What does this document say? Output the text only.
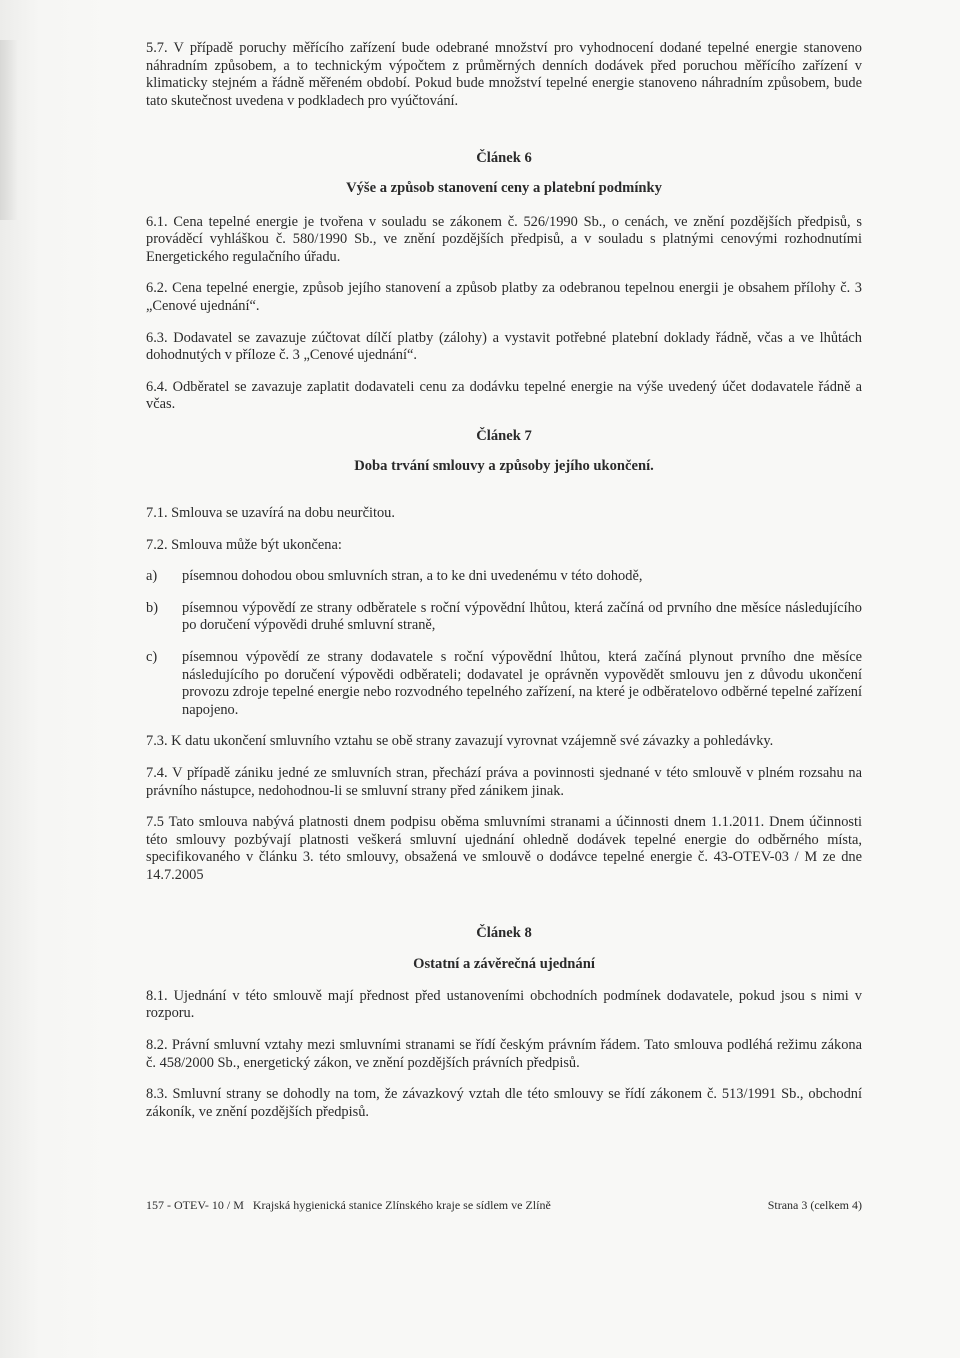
5.7. V případě poruchy měřícího zařízení bude odebrané množství pro vyhodnocení dodané tepelné energie stanoveno náhradním způsobem, a to technickým výpočtem z průměrných denních dodávek před poruchou měřícího zařízení v klimaticky stejném a řádně měřeném období. Pokud bude množství tepelné energie stanoveno náhradním způsobem, bude tato skutečnost uvedena v podkladech pro vyúčtování.

Článek 6
Výše a způsob stanovení ceny a platební podmínky

6.1. Cena tepelné energie je tvořena v souladu se zákonem č. 526/1990 Sb., o cenách, ve znění pozdějších předpisů, s prováděcí vyhláškou č. 580/1990 Sb., ve znění pozdějších předpisů, a v souladu s platnými cenovými rozhodnutími Energetického regulačního úřadu.

6.2. Cena tepelné energie, způsob jejího stanovení a způsob platby za odebranou tepelnou energii je obsahem přílohy č. 3 „Cenové ujednání“.

6.3. Dodavatel se zavazuje zúčtovat dílčí platby (zálohy) a vystavit potřebné platební doklady řádně, včas a ve lhůtách dohodnutých v příloze č. 3 „Cenové ujednání“.

6.4. Odběratel se zavazuje zaplatit dodavateli cenu za dodávku tepelné energie na výše uvedený účet dodavatele řádně a včas.

Článek 7
Doba trvání smlouvy a způsoby jejího ukončení.

7.1. Smlouva se uzavírá na dobu neurčitou.

7.2. Smlouva může být ukončena:

a)	písemnou dohodou obou smluvních stran, a to ke dni uvedenému v této dohodě,
b)	písemnou výpovědí ze strany odběratele s roční výpovědní lhůtou, která začíná od prvního dne měsíce následujícího po doručení výpovědi druhé smluvní straně,
c)	písemnou výpovědí ze strany dodavatele s roční výpovědní lhůtou, která začíná plynout prvního dne měsíce následujícího po doručení výpovědi odběrateli; dodavatel je oprávněn vypovědět smlouvu jen z důvodu ukončení provozu zdroje tepelné energie nebo rozvodného tepelného zařízení, na které je odběratelovo odběrné tepelné zařízení napojeno.

7.3. K datu ukončení smluvního vztahu se obě strany zavazují vyrovnat vzájemně své závazky a pohledávky.

7.4. V případě zániku jedné ze smluvních stran, přechází práva a povinnosti sjednané v této smlouvě v plném rozsahu na právního nástupce, nedohodnou-li se smluvní strany před zánikem jinak.

7.5 Tato smlouva nabývá platnosti dnem podpisu oběma smluvními stranami a účinnosti dnem 1.1.2011. Dnem účinnosti této smlouvy pozbývají platnosti veškerá smluvní ujednání ohledně dodávek tepelné energie do odběrného místa, specifikovaného v článku 3. této smlouvy, obsažená ve smlouvě o dodávce tepelné energie č. 43-OTEV-03 / M ze dne 14.7.2005

Článek 8
Ostatní a závěrečná ujednání

8.1. Ujednání v této smlouvě mají přednost před ustanoveními obchodních podmínek dodavatele, pokud jsou s nimi v rozporu.

8.2. Právní smluvní vztahy mezi smluvními stranami se řídí českým právním řádem. Tato smlouva podléhá režimu zákona č. 458/2000 Sb., energetický zákon, ve znění pozdějších právních předpisů.

8.3. Smluvní strany se dohodly na tom, že závazkový vztah dle této smlouvy se řídí zákonem č. 513/1991 Sb., obchodní zákoník, ve znění pozdějších předpisů.

157 - OTEV- 10 / M   Krajská hygienická stanice Zlínského kraje se sídlem ve Zlíně	Strana 3 (celkem 4)
